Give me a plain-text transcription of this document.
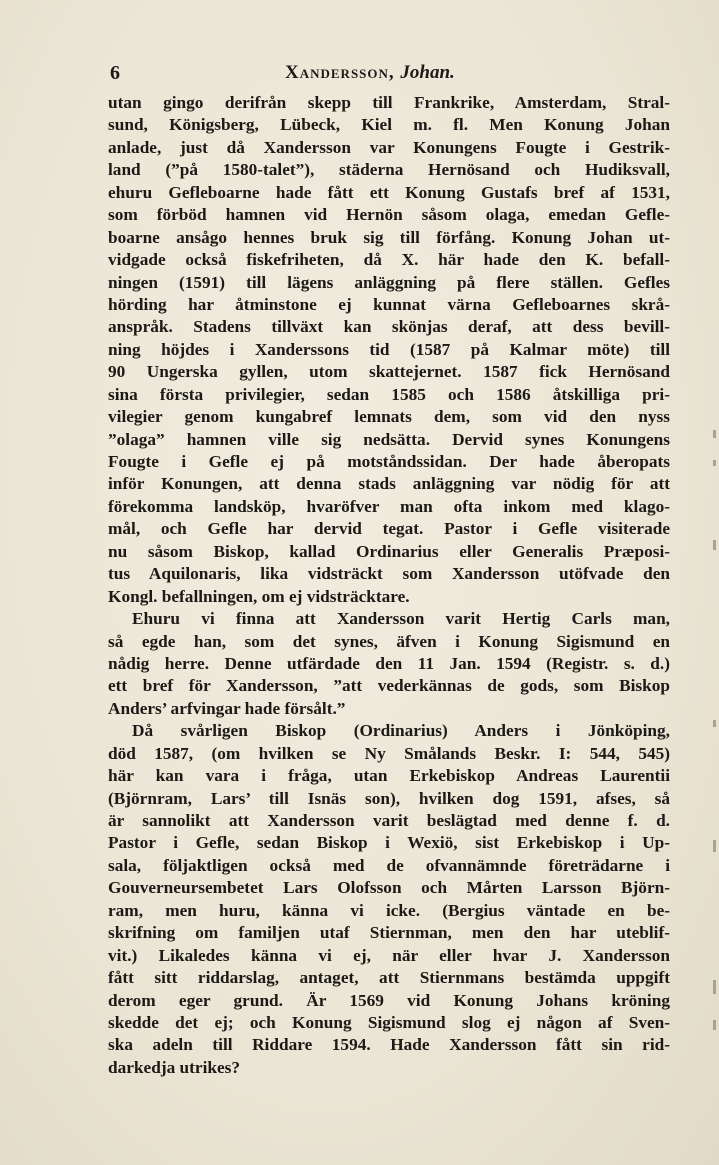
6	Xandersson, Johan.
utan gingo derifrån skepp till Frankrike, Amsterdam, Stral-
sund, Königsberg, Lübeck, Kiel m. fl. Men Konung Johan
anlade, just då Xandersson var Konungens Fougte i Gestrik-
land (”på 1580-talet”), städerna Hernösand och Hudiksvall,
ehuru Gefleboarne hade fått ett Konung Gustafs bref af 1531,
som förböd hamnen vid Hernön såsom olaga, emedan Gefle-
boarne ansågo hennes bruk sig till förfång. Konung Johan ut-
vidgade också fiskefriheten, då X. här hade den K. befall-
ningen (1591) till lägens anläggning på flere ställen. Gefles
hörding har åtminstone ej kunnat värna Gefleboarnes skrå-
anspråk. Stadens tillväxt kan skönjas deraf, att dess bevill-
ning höjdes i Xanderssons tid (1587 på Kalmar möte) till
90 Ungerska gyllen, utom skattejernet. 1587 fick Hernösand
sina första privilegier, sedan 1585 och 1586 åtskilliga pri-
vilegier genom kungabref lemnats dem, som vid den nyss
”olaga” hamnen ville sig nedsätta. Dervid synes Konungens
Fougte i Gefle ej på motståndssidan. Der hade åberopats
inför Konungen, att denna stads anläggning var nödig för att
förekomma landsköp, hvaröfver man ofta inkom med klago-
mål, och Gefle har dervid tegat. Pastor i Gefle visiterade
nu såsom Biskop, kallad Ordinarius eller Generalis Præposi-
tus Aquilonaris, lika vidsträckt som Xandersson utöfvade den
Kongl. befallningen, om ej vidsträcktare.
Ehuru vi finna att Xandersson varit Hertig Carls man,
så egde han, som det synes, äfven i Konung Sigismund en
nådig herre. Denne utfärdade den 11 Jan. 1594 (Registr. s. d.)
ett bref för Xandersson, ”att vederkännas de gods, som Biskop
Anders’ arfvingar hade försålt.”
Då svårligen Biskop (Ordinarius) Anders i Jönköping,
död 1587, (om hvilken se Ny Smålands Beskr. I: 544, 545)
här kan vara i fråga, utan Erkebiskop Andreas Laurentii
(Björnram, Lars’ till Isnäs son), hvilken dog 1591, afses, så
är sannolikt att Xandersson varit beslägtad med denne f. d.
Pastor i Gefle, sedan Biskop i Wexiö, sist Erkebiskop i Up-
sala, följaktligen också med de ofvannämnde företrädarne i
Gouverneursembetet Lars Olofsson och Mårten Larsson Björn-
ram, men huru, känna vi icke. (Bergius väntade en be-
skrifning om familjen utaf Stiernman, men den har uteblif-
vit.) Likaledes känna vi ej, när eller hvar J. Xandersson
fått sitt riddarslag, antaget, att Stiernmans bestämda uppgift
derom eger grund. Är 1569 vid Konung Johans kröning
skedde det ej; och Konung Sigismund slog ej någon af Sven-
ska adeln till Riddare 1594. Hade Xandersson fått sin rid-
darkedja utrikes?
